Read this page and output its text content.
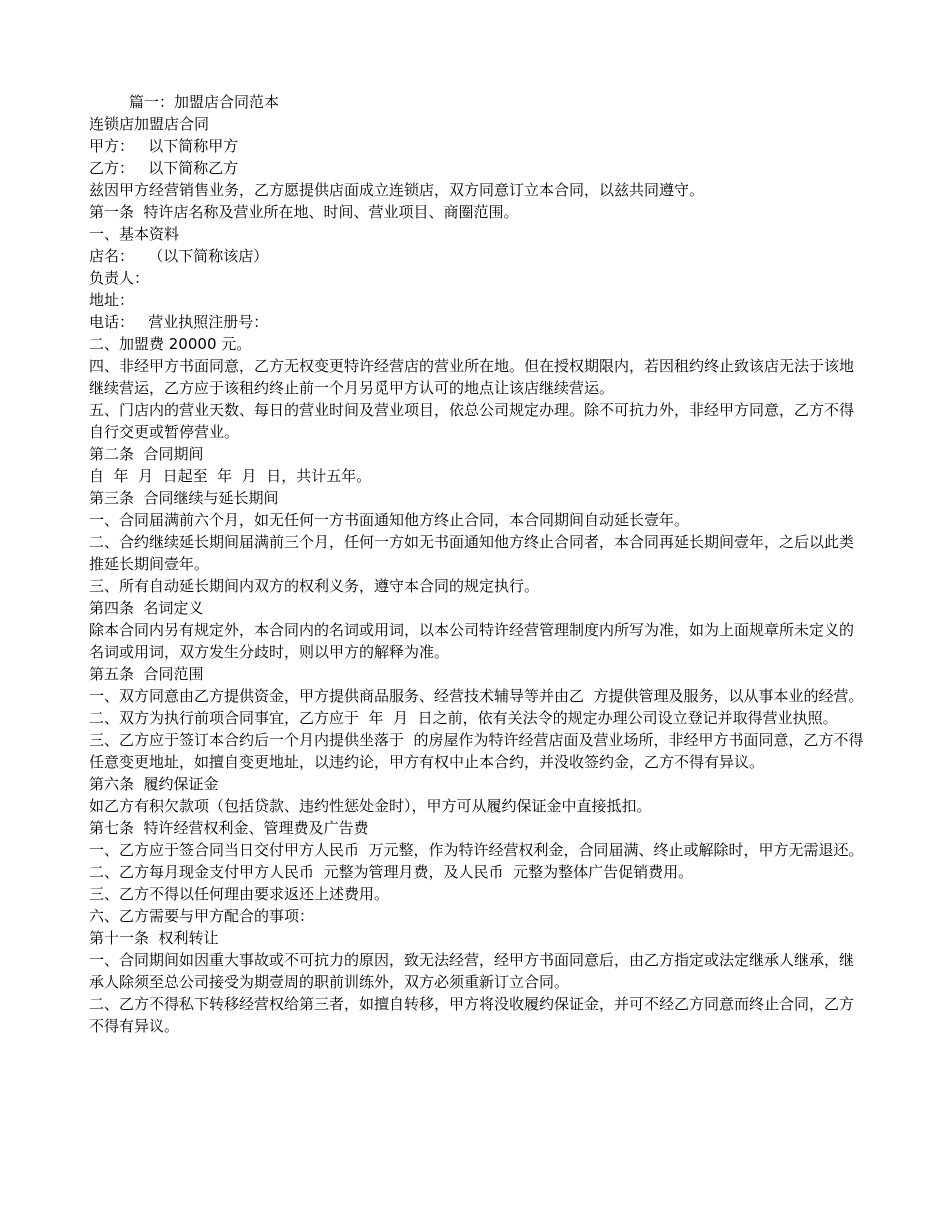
篇一：加盟店合同范本

连锁店加盟店合同

甲方：   以下简称甲方

乙方：   以下简称乙方

兹因甲方经营销售业务，乙方愿提供店面成立连锁店，双方同意订立本合同，以兹共同遵守。

第一条  特许店名称及营业所在地、时间、营业项目、商圈范围。

一、基本资料

店名：   （以下简称该店）

负责人：

地址：

电话：   营业执照注册号：

二、加盟费 20000 元。

四、非经甲方书面同意，乙方无权变更特许经营店的营业所在地。但在授权期限内，若因租约终止致该店无法于该地继续营运，乙方应于该租约终止前一个月另觅甲方认可的地点让该店继续营运。

五、门店内的营业天数、每日的营业时间及营业项目，依总公司规定办理。除不可抗力外，非经甲方同意，乙方不得自行交更或暂停营业。

第二条  合同期间

自  年  月  日起至  年  月  日，共计五年。

第三条  合同继续与延长期间

一、合同届满前六个月，如无任何一方书面通知他方终止合同，本合同期间自动延长壹年。

二、合约继续延长期间届满前三个月，任何一方如无书面通知他方终止合同者，本合同再延长期间壹年，之后以此类推延长期间壹年。

三、所有自动延长期间内双方的权利义务，遵守本合同的规定执行。

第四条  名词定义

除本合同内另有规定外，本合同内的名词或用词，以本公司特许经营管理制度内所写为准，如为上面规章所未定义的名词或用词，双方发生分歧时，则以甲方的解释为准。

第五条  合同范围

一、双方同意由乙方提供资金，甲方提供商品服务、经营技术辅导等并由乙  方提供管理及服务，以从事本业的经营。

二、双方为执行前项合同事宜，乙方应于  年  月  日之前，依有关法令的规定办理公司设立登记并取得营业执照。

三、乙方应于签订本合约后一个月内提供坐落于  的房屋作为特许经营店面及营业场所，非经甲方书面同意，乙方不得任意变更地址，如擅自变更地址，以违约论，甲方有权中止本合约，并没收签约金，乙方不得有异议。

第六条  履约保证金

如乙方有积欠款项（包括贷款、违约性惩处金时），甲方可从履约保证金中直接抵扣。

第七条  特许经营权利金、管理费及广告费

一、乙方应于签合同当日交付甲方人民币  万元整，作为特许经营权利金，合同届满、终止或解除时，甲方无需退还。

二、乙方每月现金支付甲方人民币  元整为管理月费，及人民币  元整为整体广告促销费用。

三、乙方不得以任何理由要求返还上述费用。

六、乙方需要与甲方配合的事项：

第十一条  权利转让

一、合同期间如因重大事故或不可抗力的原因，致无法经营，经甲方书面同意后，由乙方指定或法定继承人继承，继承人除须至总公司接受为期壹周的职前训练外，双方必须重新订立合同。

二、乙方不得私下转移经营权给第三者，如擅自转移，甲方将没收履约保证金，并可不经乙方同意而终止合同，乙方不得有异议。
